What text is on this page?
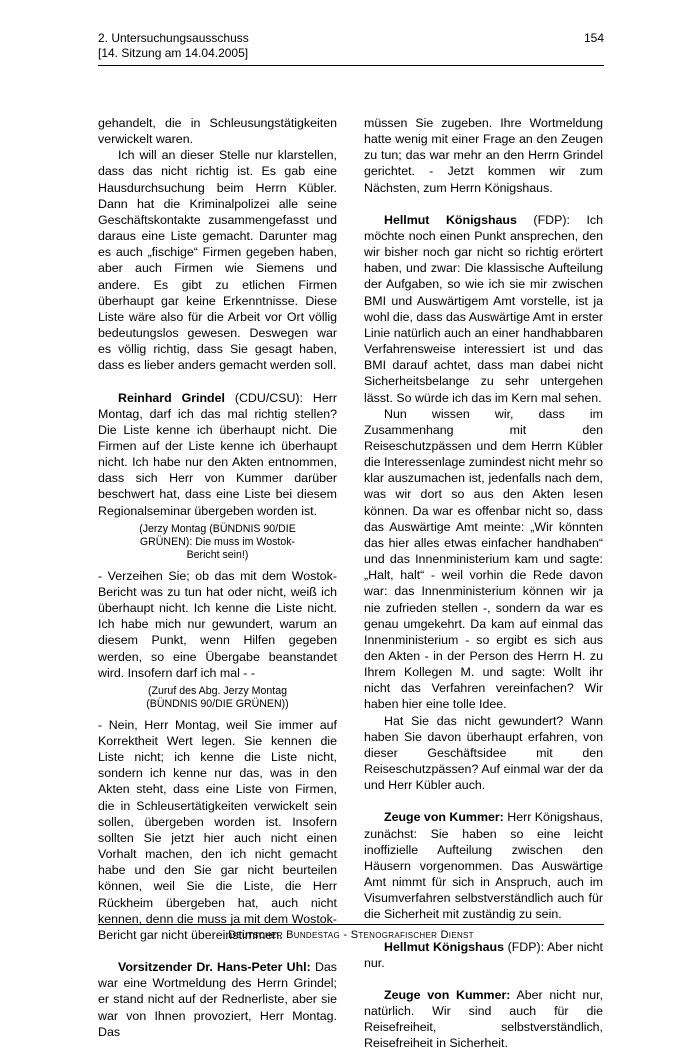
2. Untersuchungsausschuss
[14. Sitzung am 14.04.2005]
154

gehandelt, die in Schleusungstätigkeiten verwickelt waren.

Ich will an dieser Stelle nur klarstellen, dass das nicht richtig ist. Es gab eine Hausdurchsuchung beim Herrn Kübler. Dann hat die Kriminalpolizei alle seine Geschäftskontakte zusammengefasst und daraus eine Liste gemacht. Darunter mag es auch „fischige“ Firmen gegeben haben, aber auch Firmen wie Siemens und andere. Es gibt zu etlichen Firmen überhaupt gar keine Erkenntnisse. Diese Liste wäre also für die Arbeit vor Ort völlig bedeutungslos gewesen. Deswegen war es völlig richtig, dass Sie gesagt haben, dass es lieber anders gemacht werden soll.

Reinhard Grindel (CDU/CSU): Herr Montag, darf ich das mal richtig stellen? Die Liste kenne ich überhaupt nicht. Die Firmen auf der Liste kenne ich überhaupt nicht. Ich habe nur den Akten entnommen, dass sich Herr von Kummer darüber beschwert hat, dass eine Liste bei diesem Regionalseminar übergeben worden ist.

(Jerzy Montag (BÜNDNIS 90/DIE
GRÜNEN): Die muss im Wostok-
Bericht sein!)

- Verzeihen Sie; ob das mit dem Wostok-Bericht was zu tun hat oder nicht, weiß ich überhaupt nicht. Ich kenne die Liste nicht. Ich habe mich nur gewundert, warum an diesem Punkt, wenn Hilfen gegeben werden, so eine Übergabe beanstandet wird. Insofern darf ich mal - -

(Zuruf des Abg. Jerzy Montag
(BÜNDNIS 90/DIE GRÜNEN))

- Nein, Herr Montag, weil Sie immer auf Korrektheit Wert legen. Sie kennen die Liste nicht; ich kenne die Liste nicht, sondern ich kenne nur das, was in den Akten steht, dass eine Liste von Firmen, die in Schleusertätigkeiten verwickelt sein sollen, übergeben worden ist. Insofern sollten Sie jetzt hier auch nicht einen Vorhalt machen, den ich nicht gemacht habe und den Sie gar nicht beurteilen können, weil Sie die Liste, die Herr Rückheim übergeben hat, auch nicht kennen, denn die muss ja mit dem Wostok-Bericht gar nicht übereinstimmen.

Vorsitzender Dr. Hans-Peter Uhl: Das war eine Wortmeldung des Herrn Grindel; er stand nicht auf der Rednerliste, aber sie war von Ihnen provoziert, Herr Montag. Das

müssen Sie zugeben. Ihre Wortmeldung hatte wenig mit einer Frage an den Zeugen zu tun; das war mehr an den Herrn Grindel gerichtet. - Jetzt kommen wir zum Nächsten, zum Herrn Königshaus.

Hellmut Königshaus (FDP): Ich möchte noch einen Punkt ansprechen, den wir bisher noch gar nicht so richtig erörtert haben, und zwar: Die klassische Aufteilung der Aufgaben, so wie ich sie mir zwischen BMI und Auswärtigem Amt vorstelle, ist ja wohl die, dass das Auswärtige Amt in erster Linie natürlich auch an einer handhabbaren Verfahrensweise interessiert ist und das BMI darauf achtet, dass man dabei nicht Sicherheitsbelange zu sehr untergehen lässt. So würde ich das im Kern mal sehen.

Nun wissen wir, dass im Zusammenhang mit den Reiseschutzpässen und dem Herrn Kübler die Interessenlage zumindest nicht mehr so klar auszumachen ist, jedenfalls nach dem, was wir dort so aus den Akten lesen können. Da war es offenbar nicht so, dass das Auswärtige Amt meinte: „Wir könnten das hier alles etwas einfacher handhaben“ und das Innenministerium kam und sagte: „Halt, halt“ - weil vorhin die Rede davon war: das Innenministerium können wir ja nie zufrieden stellen -, sondern da war es genau umgekehrt. Da kam auf einmal das Innenministerium - so ergibt es sich aus den Akten - in der Person des Herrn H. zu Ihrem Kollegen M. und sagte: Wollt ihr nicht das Verfahren vereinfachen? Wir haben hier eine tolle Idee.

Hat Sie das nicht gewundert? Wann haben Sie davon überhaupt erfahren, von dieser Geschäftsidee mit den Reiseschutzpässen? Auf einmal war der da und Herr Kübler auch.

Zeuge von Kummer: Herr Königshaus, zunächst: Sie haben so eine leicht inoffizielle Aufteilung zwischen den Häusern vorgenommen. Das Auswärtige Amt nimmt für sich in Anspruch, auch im Visumverfahren selbstverständlich auch für die Sicherheit mit zuständig zu sein.

Hellmut Königshaus (FDP): Aber nicht nur.

Zeuge von Kummer: Aber nicht nur, natürlich. Wir sind auch für die Reisefreiheit, selbstverständlich, Reisefreiheit in Sicherheit.

Deutscher Bundestag - Stenografischer Dienst
